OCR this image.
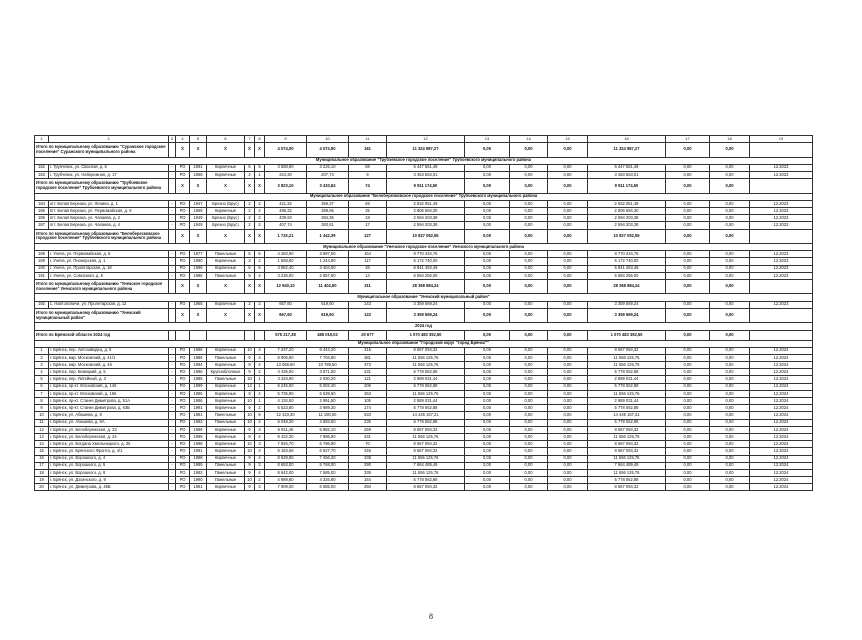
1	2	3	4	5	6	7	8	9	10	11	12	13	14	15	16	17	18	19
Итого по муниципальному образованию "Суражское городское поселение" Суражского муниципального района			X	X	X	X	X	4 074,00	4 072,90	161	11 324 987,27	0,00	0,00	0,00	11 324 987,27	0,00	0,00	
Муниципальное образование "Трубчевское городское поселение" Трубчевского муниципального района																		
182	г. Трубчевск, ул. Свасной, д. 8	-	РО	1991	Кирпичные	5	5	3 588,80	3 226,10	68	6 447 561,49	0,00	0,00	0,00	6 447 561,49	0,00	0,00	12.2023
183	г. Трубчевск, ул. Набережная, д. 17	-	РО	1958	Кирпичные	2	1	224,30	207,74	9	3 463 553,01	0,00	0,00	0,00	3 463 553,01	0,00	0,00	12.2023
Итого по муниципальному образованию "Трубчевское городское поселение" Трубчевского муниципального района			X	X	X	X	X	3 823,10	3 433,84	74	9 911 174,50	0,00	0,00	0,00	9 911 174,50	0,00	0,00	
Муниципальное образование "Белоберезковское городское поселение" Трубчевского муниципального района																		
184	пгт. Белая Березка, ул. Ленина, д. 1	-	РО	1947	Брезно (Брус)	2	2	421,32	359,37	69	2 832 051,49	0,00	0,00	0,00	2 832 051,49	0,00	0,00	12.2023
185	пгт. Белая Березка, ул. Первомайская, д. 8	-	РО	1958	Кирпичные	2	2	496,32	359,95	25	2 806 694,30	0,00	0,00	0,00	2 806 694,30	0,00	0,00	12.2023
186	пгт. Белая Березка, ул. Чапаева, д. 2	-	РО	1949	Брезно (Брус)	2	2	409,93	384,35	18	2 594 203,38	0,00	0,00	0,00	2 594 203,38	0,00	0,00	12.2023
187	пгт. Белая Березка, ул. Чапаева, д. 4	-	РО	1949	Брезно (Брус)	2	2	407,74	383,61	17	2 594 203,38	0,00	0,00	0,00	2 594 203,38	0,00	0,00	12.2023
Итого по муниципальному образованию "Белоберезковское городское поселение" Трубчевского муниципального района			X	X	X	X	X	1 732,21	1 442,39	127	10 827 052,55	0,00	0,00	0,00	10 827 052,55	0,00	0,00	
Муниципальное образование "Унечское городское поселение" Унечского муниципального района																		
188	г. Унеча, ул. Первомайская, д. 8	-	РО	1977	Панельные	5	6	4 283,90	3 897,50	154	8 770 434,75	0,00	0,00	0,00	8 770 434,75	0,00	0,00	12.2023
189	г. Унеча, ул. Пионерская, д. 1	-	РО	1990	Кирпичные	3	2	1 558,80	1 244,90	117	6 172 740,00	0,00	0,00	0,00	6 172 740,00	0,00	0,00	12.2023
190	г. Унеча, ул. Пролетарская, д. 18	-	РО	1996	Кирпичные	5	6	3 862,40	3 404,60	26	6 841 453,49	0,00	0,00	0,00	6 841 453,49	0,00	0,00	12.2023
191	г. Унеча, ул. Совхозная, д. 5	-	РО	1985	Панельные	5	4	3 235,00	2 857,50	14	6 584 256,00	0,00	0,00	0,00	6 584 256,00	0,00	0,00	12.2023
Итого по муниципальному образованию "Унечское городское поселение" Унечского муниципального района			X	X	X	X	X	12 940,10	11 404,50	311	28 368 884,24	0,00	0,00	0,00	28 368 884,24	0,00	0,00	
Муниципальное образование "Унечский муниципальный район"																		
192	с. Найтоповичи, ул. Пролетарская, д. 12	-	РО	1965	Кирпичные	2	2	667,60	619,60	143	3 359 569,24	0,00	0,00	0,00	3 359 569,24	0,00	0,00	12.2023
Итого по муниципальному образованию "Унечский муниципальный район"			X	X	X	X	X	667,60	619,60	143	3 359 569,24	0,00	0,00	0,00	3 359 569,24	0,00	0,00	
2024 год																		
Итого по Брянской области 2024 год								575 217,38	485 019,02	20 677	1 070 483 392,50	0,00	0,00	0,00	1 070 483 392,50	0,00	0,00	
Муниципальное образование "Городской округ "город Брянск""																		
1	г. Брянск, пер. Автозаводец, д. 5	-	РО	1998	Кирпичные	10	3	7 237,20	6 443,20	315	8 667 094,32	0,00	0,00	0,00	8 667 094,32	0,00	0,00	12.2024
2	г. Брянск, мкр. Московский, д. 41/1	-	РО	1986	Панельные	9	4	8 906,80	7 704,80	381	11 556 125,76	0,00	0,00	0,00	11 556 125,76	0,00	0,00	12.2024
3	г. Брянск, мкр. Московский, д. 46	-	РО	1994	Кирпичные	9	4	13 068,60	10 789,50	373	11 556 125,76	0,00	0,00	0,00	11 556 125,76	0,00	0,00	12.2024
4	г. Брянск, пер. Бежицкий, д. 5	-	РО	1996	Крупноблочные	9	2	4 436,50	3 871,50	231	5 778 062,88	0,00	0,00	0,00	5 778 062,88	0,00	0,00	12.2024
5	г. Брянск, пер. Литейный, д. 3	-	РО	1985	Панельные	10	1	3 423,90	2 930,20	121	2 889 031,44	0,00	0,00	0,00	2 889 031,44	0,00	0,00	12.2024
6	г. Брянск, пр-кт. Московский, д. 146	-	РО	1999	Кирпичные	14	1	6 245,60	5 002,40	206	5 778 062,88	0,00	0,00	0,00	5 778 062,88	0,00	0,00	12.2024
7	г. Брянск, пр-кт. Московский, д. 156	-	РО	1996	Кирпичные	9	4	5 735,90	6 539,60	353	11 556 125,76	0,00	0,00	0,00	11 556 125,76	0,00	0,00	12.2024
8	г. Брянск, пр-кт. Станке Димитрова, д. 51А	-	РО	1996	Кирпичные	10	1	4 134,50	2 991,50	105	2 889 031,44	0,00	0,00	0,00	2 889 031,44	0,00	0,00	12.2024
9	г. Брянск, пр-кт. Станке Димитрова, д. 63Б	-	РО	1991	Кирпичные	9	2	5 523,80	3 989,30	174	5 778 062,88	0,00	0,00	0,00	5 778 062,88	0,00	0,00	12.2024
10	г. Брянск, ул. Абашева, д. 8	-	РО	1991	Панельные	10	5	12 423,30	11 180,00	533	14 445 157,21	0,00	0,00	0,00	14 445 157,21	0,00	0,00	12.2024
11	г. Брянск, ул. Абашева, д. 8А	-	РО	1993	Панельные	10	2	5 048,30	4 583,60	235	5 778 062,88	0,00	0,00	0,00	5 778 062,88	0,00	0,00	12.2024
12	г. Брянск, ул. Белобережская, д. 23	-	РО	1996	Кирпичные	9	3	6 911,40	5 982,10	259	8 667 094,32	0,00	0,00	0,00	8 667 094,32	0,00	0,00	12.2024
13	г. Брянск, ул. Белобережская, д. 24	-	РО	1995	Кирпичные	9	4	9 422,30	7 986,90	331	11 556 125,76	0,00	0,00	0,00	11 556 125,76	0,00	0,00	12.2024
14	г. Брянск, ул. Богдана Хмельницкого, д. 35	-	РО	1998	Кирпичные	10	3	7 826,70	6 796,90	70	8 667 094,32	0,00	0,00	0,00	8 667 094,32	0,00	0,00	12.2024
15	г. Брянск, ул. Брянского Фронта, д. 4/1	-	РО	1991	Кирпичные	10	3	8 163,66	6 527,70	346	8 667 094,32	0,00	0,00	0,00	8 667 094,32	0,00	0,00	12.2024
16	г. Брянск, ул. Ворошкого, д. 4	-	РО	1998	Кирпичные	9	4	8 629,80	7 456,30	338	11 556 125,76	0,00	0,00	0,00	11 556 125,76	0,00	0,00	12.2024
17	г. Брянск, ул. Ворошкого, д. 5	-	РО	1995	Панельные	9	3	8 653,00	5 768,00	290	7 664 489,49	0,00	0,00	0,00	7 664 489,49	0,00	0,00	12.2024
18	г. Брянск, ул. Ворошкого, д. 8	-	РО	1992	Панельные	9	4	8 642,00	7 585,00	339	11 556 125,76	0,00	0,00	0,00	11 556 125,76	0,00	0,00	12.2024
19	г. Брянск, ул. Дзсинского, д. 9	-	РО	1990	Панельные	10	2	4 989,80	4 326,80	164	5 778 062,88	0,00	0,00	0,00	5 778 062,88	0,00	0,00	12.2024
20	г. Брянск, ул. Димитрова, д. 46Б	-	РО	1991	Кирпичные	9	3	7 909,00	6 585,00	250	8 667 094,32	0,00	0,00	0,00	8 667 094,32	0,00	0,00	12.2024
8
